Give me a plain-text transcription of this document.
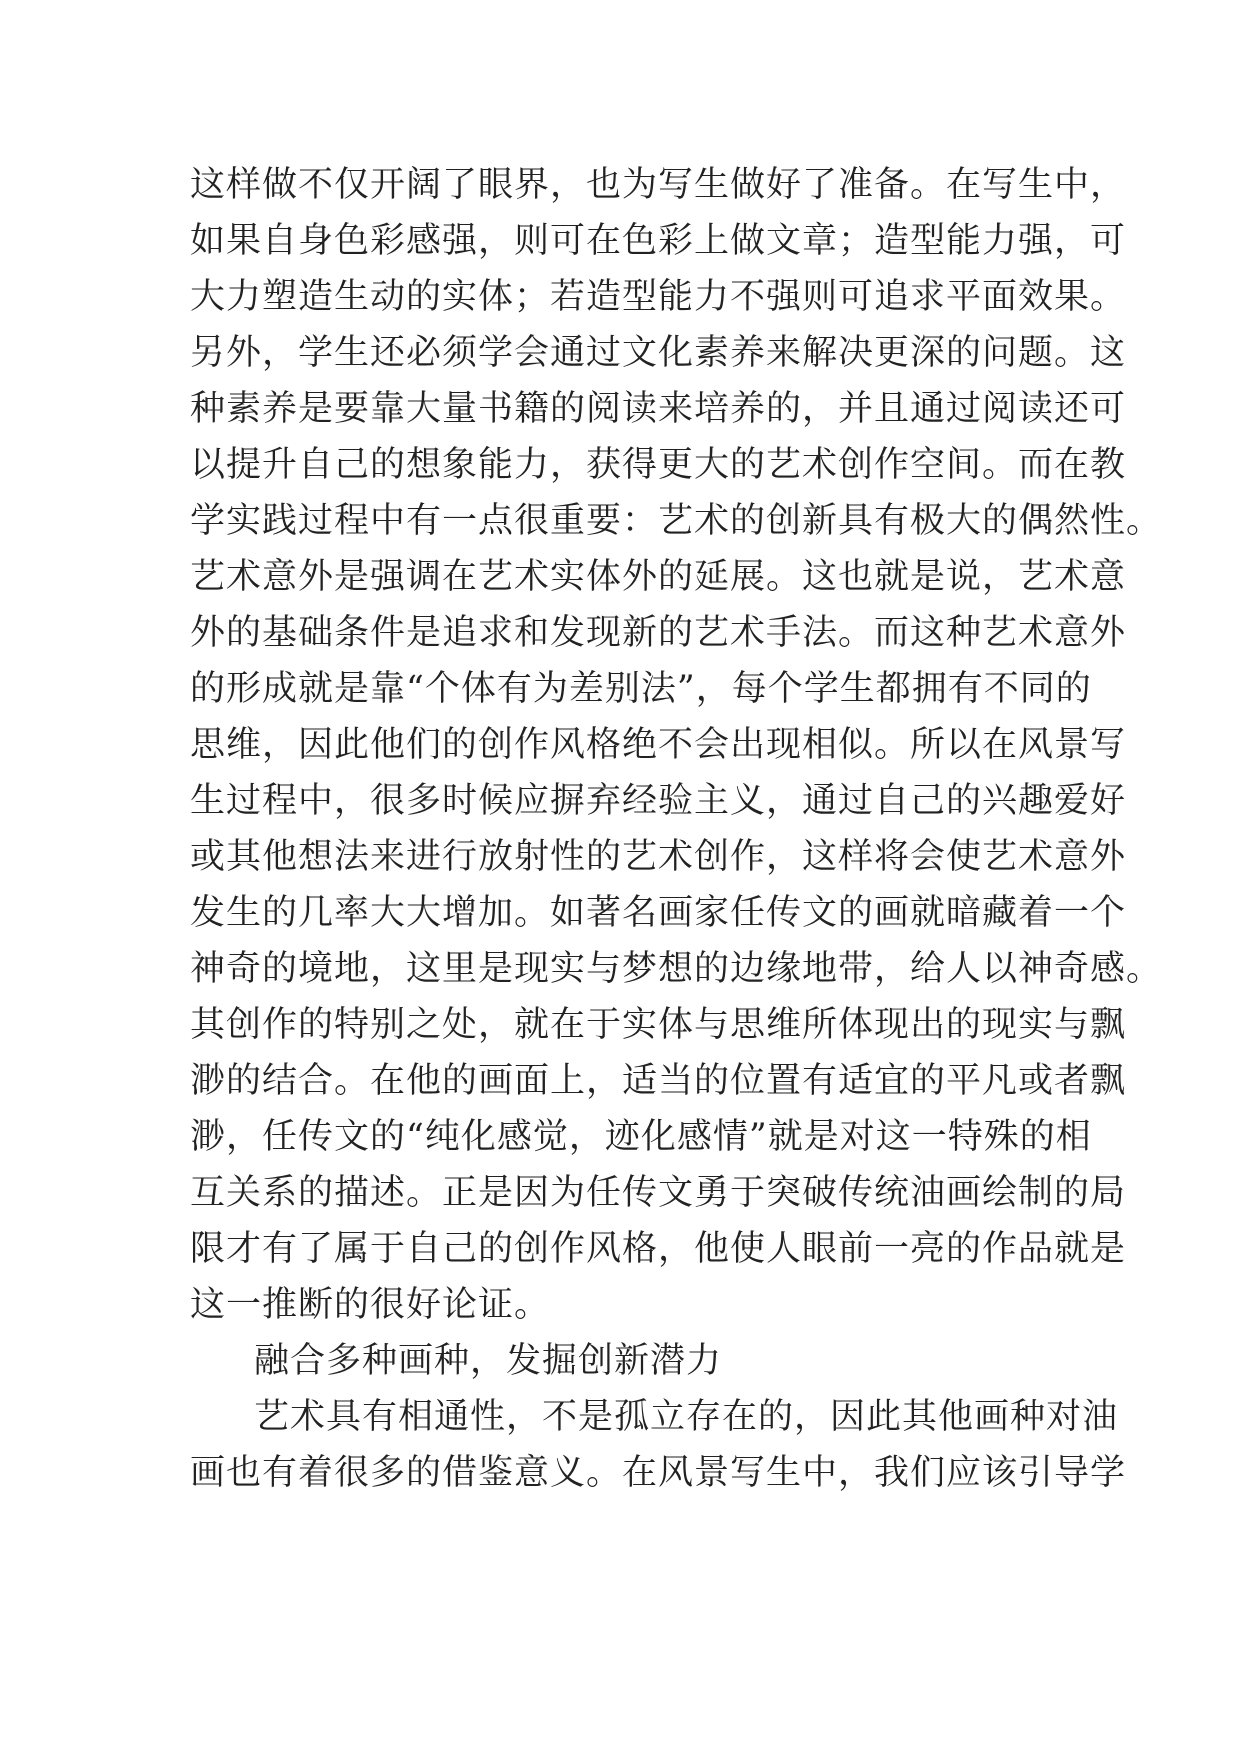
这样做不仅开阔了眼界，也为写生做好了准备。在写生中，
如果自身色彩感强，则可在色彩上做文章；造型能力强，可
大力塑造生动的实体；若造型能力不强则可追求平面效果。
另外，学生还必须学会通过文化素养来解决更深的问题。这
种素养是要靠大量书籍的阅读来培养的，并且通过阅读还可
以提升自己的想象能力，获得更大的艺术创作空间。而在教
学实践过程中有一点很重要：艺术的创新具有极大的偶然性。
艺术意外是强调在艺术实体外的延展。这也就是说，艺术意
外的基础条件是追求和发现新的艺术手法。而这种艺术意外
的形成就是靠“个体有为差别法”，每个学生都拥有不同的
思维，因此他们的创作风格绝不会出现相似。所以在风景写
生过程中，很多时候应摒弃经验主义，通过自己的兴趣爱好
或其他想法来进行放射性的艺术创作，这样将会使艺术意外
发生的几率大大增加。如著名画家任传文的画就暗藏着一个
神奇的境地，这里是现实与梦想的边缘地带，给人以神奇感。
其创作的特别之处，就在于实体与思维所体现出的现实与飘
渺的结合。在他的画面上，适当的位置有适宜的平凡或者飘
渺，任传文的“纯化感觉，迹化感情”就是对这一特殊的相
互关系的描述。正是因为任传文勇于突破传统油画绘制的局
限才有了属于自己的创作风格，他使人眼前一亮的作品就是
这一推断的很好论证。
融合多种画种，发掘创新潜力
艺术具有相通性，不是孤立存在的，因此其他画种对油
画也有着很多的借鉴意义。在风景写生中，我们应该引导学
